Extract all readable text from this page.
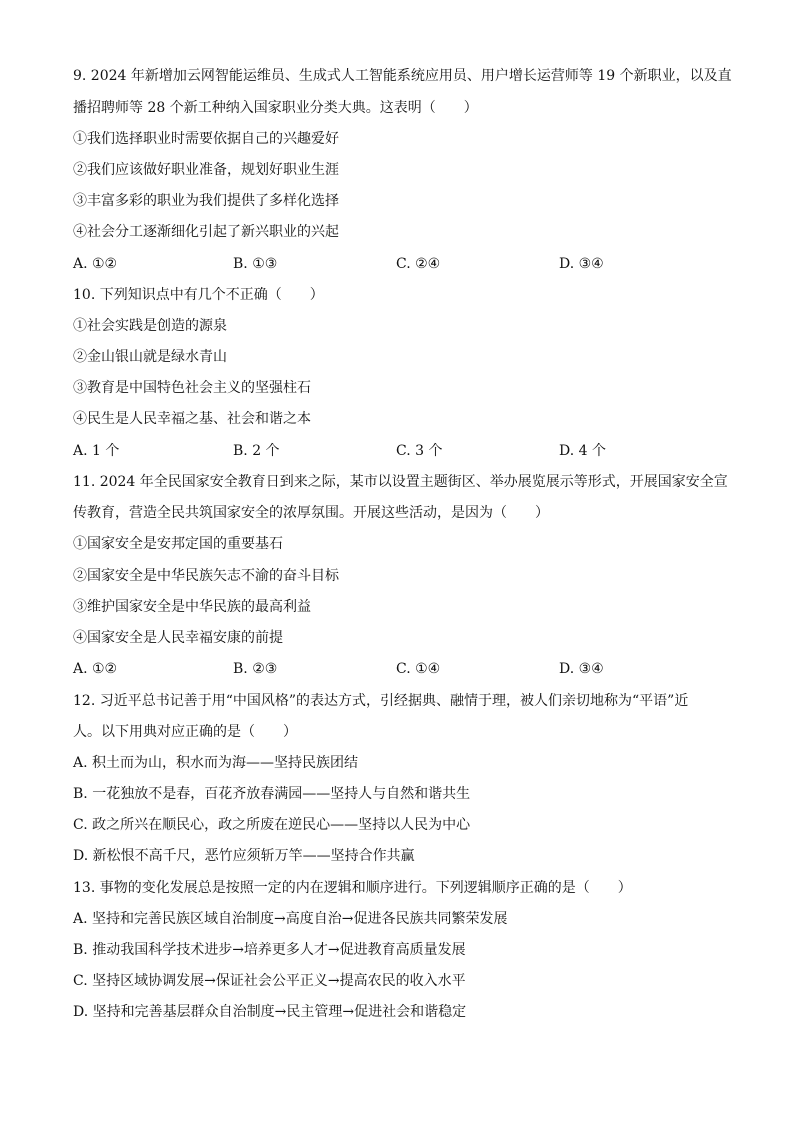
9. 2024 年新增加云网智能运维员、生成式人工智能系统应用员、用户增长运营师等 19 个新职业，以及直
播招聘师等 28 个新工种纳入国家职业分类大典。这表明（　　）
①我们选择职业时需要依据自己的兴趣爱好
②我们应该做好职业准备，规划好职业生涯
③丰富多彩的职业为我们提供了多样化选择
④社会分工逐渐细化引起了新兴职业的兴起
A. ①②	B. ①③	C. ②④	D. ③④
10. 下列知识点中有几个不正确（　　）
①社会实践是创造的源泉
②金山银山就是绿水青山
③教育是中国特色社会主义的坚强柱石
④民生是人民幸福之基、社会和谐之本
A. 1 个	B. 2 个	C. 3 个	D. 4 个
11. 2024 年全民国家安全教育日到来之际，某市以设置主题街区、举办展览展示等形式，开展国家安全宣
传教育，营造全民共筑国家安全的浓厚氛围。开展这些活动，是因为（　　）
①国家安全是安邦定国的重要基石
②国家安全是中华民族矢志不渝的奋斗目标
③维护国家安全是中华民族的最高利益
④国家安全是人民幸福安康的前提
A. ①②	B. ②③	C. ①④	D. ③④
12. 习近平总书记善于用“中国风格”的表达方式，引经据典、融情于理，被人们亲切地称为“平语”近
人。以下用典对应正确的是（　　）
A. 积土而为山，积水而为海——坚持民族团结
B. 一花独放不是春，百花齐放春满园——坚持人与自然和谐共生
C. 政之所兴在顺民心，政之所废在逆民心——坚持以人民为中心
D. 新松恨不高千尺，恶竹应须斩万竿——坚持合作共赢
13. 事物的变化发展总是按照一定的内在逻辑和顺序进行。下列逻辑顺序正确的是（　　）
A. 坚持和完善民族区域自治制度→高度自治→促进各民族共同繁荣发展
B. 推动我国科学技术进步→培养更多人才→促进教育高质量发展
C. 坚持区域协调发展→保证社会公平正义→提高农民的收入水平
D. 坚持和完善基层群众自治制度→民主管理→促进社会和谐稳定
